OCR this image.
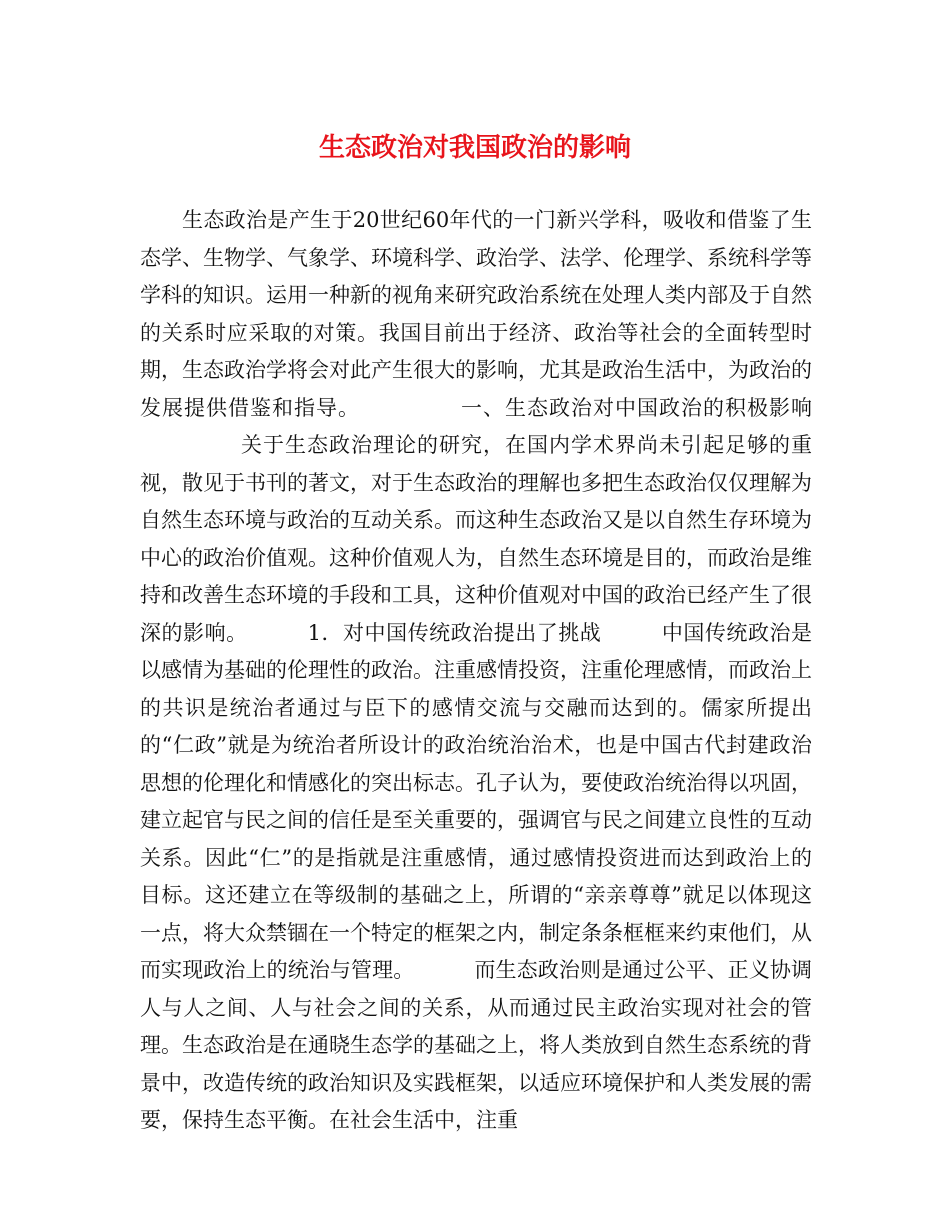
生态政治对我国政治的影响

生态政治是产生于20世纪60年代的一门新兴学科，吸收和借鉴了生态学、生物学、气象学、环境科学、政治学、法学、伦理学、系统科学等学科的知识。运用一种新的视角来研究政治系统在处理人类内部及于自然的关系时应采取的对策。我国目前出于经济、政治等社会的全面转型时期，生态政治学将会对此产生很大的影响，尤其是政治生活中，为政治的发展提供借鉴和指导。	一、生态政治对中国政治的积极影响关于生态政治理论的研究，在国内学术界尚未引起足够的重视，散见于书刊的著文，对于生态政治的理解也多把生态政治仅仅理解为自然生态环境与政治的互动关系。而这种生态政治又是以自然生存环境为中心的政治价值观。这种价值观人为，自然生态环境是目的，而政治是维持和改善生态环境的手段和工具，这种价值观对中国的政治已经产生了很深的影响。	1．对中国传统政治提出了挑战	中国传统政治是以感情为基础的伦理性的政治。注重感情投资，注重伦理感情，而政治上的共识是统治者通过与臣下的感情交流与交融而达到的。儒家所提出的“仁政”就是为统治者所设计的政治统治治术，也是中国古代封建政治思想的伦理化和情感化的突出标志。孔子认为，要使政治统治得以巩固，建立起官与民之间的信任是至关重要的，强调官与民之间建立良性的互动关系。因此“仁”的是指就是注重感情，通过感情投资进而达到政治上的目标。这还建立在等级制的基础之上，所谓的“亲亲尊尊”就足以体现这一点，将大众禁锢在一个特定的框架之内，制定条条框框来约束他们，从而实现政治上的统治与管理。	而生态政治则是通过公平、正义协调人与人之间、人与社会之间的关系，从而通过民主政治实现对社会的管理。生态政治是在通晓生态学的基础之上，将人类放到自然生态系统的背景中，改造传统的政治知识及实践框架，以适应环境保护和人类发展的需要，保持生态平衡。在社会生活中，注重
